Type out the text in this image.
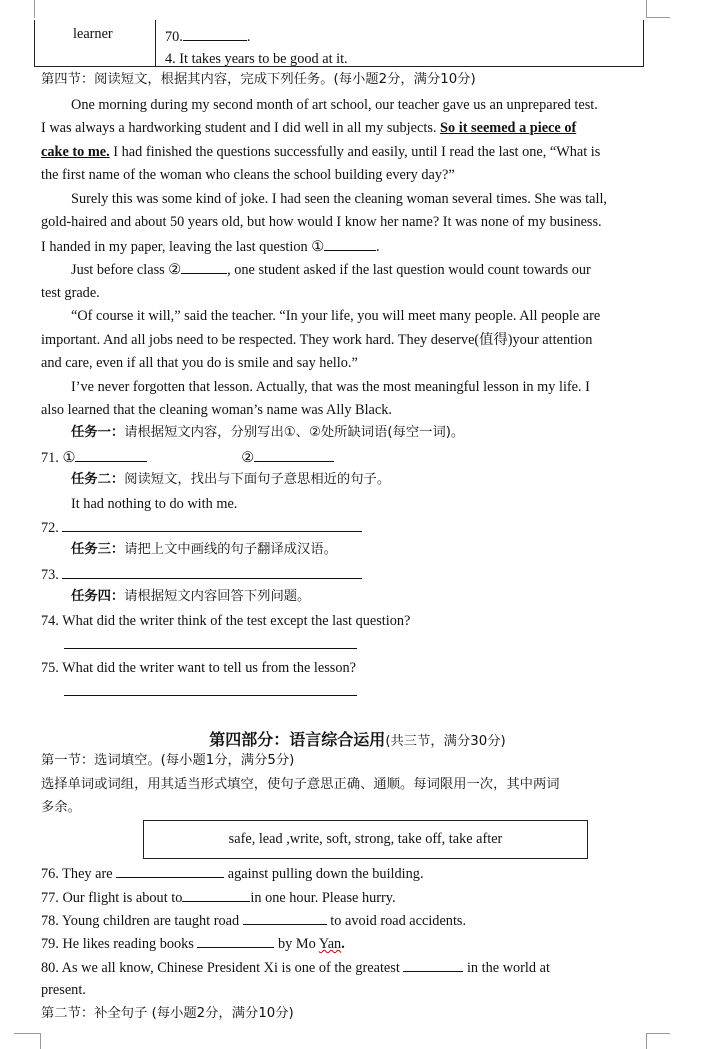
learner	70.	.
4. It takes years to be good at it.
第四节：阅读短文，根据其内容，完成下列任务。(每小题2分，满分10分)
One morning during my second month of art school, our teacher gave us an unprepared test.
I was always a hardworking student and I did well in all my subjects. So it seemed a piece of
cake to me. I had finished the questions successfully and easily, until I read the last one, “What is
the first name of the woman who cleans the school building every day?”
Surely this was some kind of joke. I had seen the cleaning woman several times. She was tall,
gold-haired and about 50 years old, but how would I know her name? It was none of my business.
I handed in my paper, leaving the last question ①	.
Just before class ②	, one student asked if the last question would count towards our
test grade.
“Of course it will,” said the teacher. “In your life, you will meet many people. All people are
important. And all jobs need to be respected. They work hard. They deserve(值得)your attention
and care, even if all that you do is smile and say hello.”
I’ve never forgotten that lesson. Actually, that was the most meaningful lesson in my life. I
also learned that the cleaning woman’s name was Ally Black.
任务一：请根据短文内容，分别写出①、②处所缺词语(每空一词)。
71. ①	②
任务二：阅读短文，找出与下面句子意思相近的句子。
It had nothing to do with me.
72.
任务三：请把上文中画线的句子翻译成汉语。
73.
任务四：请根据短文内容回答下列问题。
74. What did the writer think of the test except the last question?
75. What did the writer want to tell us from the lesson?
第四部分：语言综合运用(共三节，满分30分)
第一节：选词填空。(每小题1分，满分5分)
选择单词或词组，用其适当形式填空，使句子意思正确、通顺。每词限用一次，其中两词
多余。
safe, lead ,write, soft, strong, take off, take after
76. They are	against pulling down the building.
77. Our flight is about to	in one hour. Please hurry.
78. Young children are taught road	to avoid road accidents.
79. He likes reading books	by Mo Yan.
80. As we all know, Chinese President Xi is one of the greatest	in the world at
present.
第二节：补全句子 (每小题2分，满分10分)
